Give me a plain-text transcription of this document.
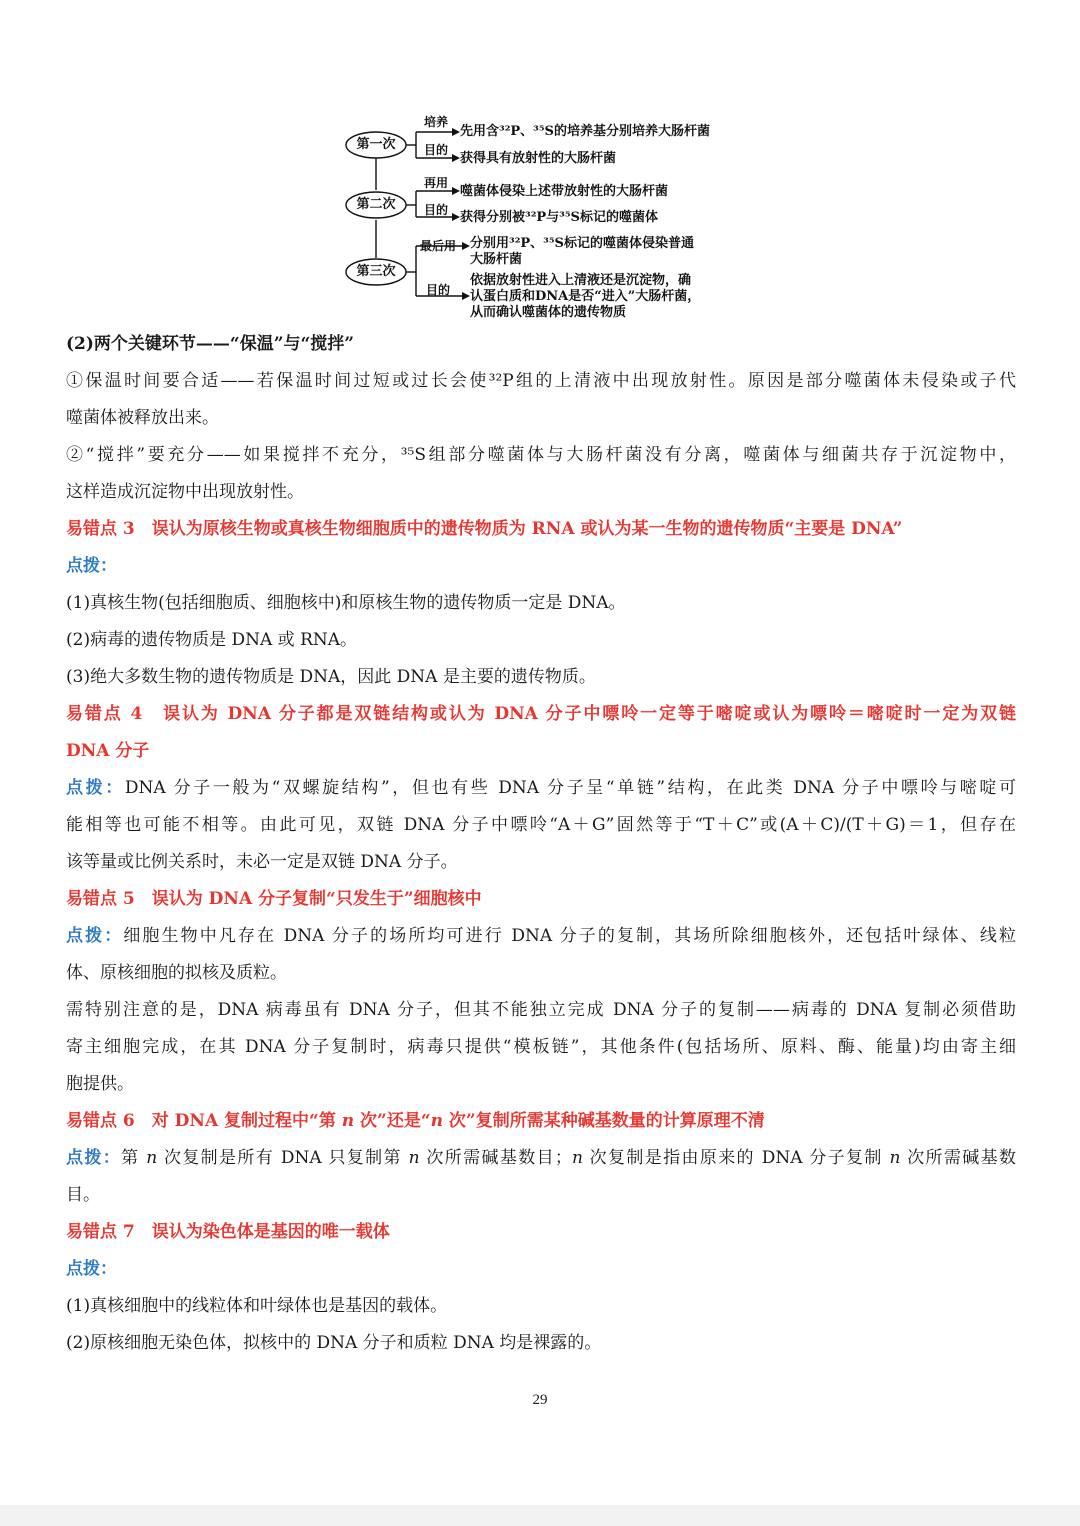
第一次
第二次
第三次
培养
先用含³²P、³⁵S的培养基分别培养大肠杆菌
目的
获得具有放射性的大肠杆菌
再用
噬菌体侵染上述带放射性的大肠杆菌
目的 获得分别被³²P与³⁵S标记的噬菌体
最后用 分别用³²P、³⁵S标记的噬菌体侵染普通
大肠杆菌
目的
依据放射性进入上清液还是沉淀物，确
认蛋白质和DNA是否“进入”大肠杆菌，
从而确认噬菌体的遗传物质
(2)两个关键环节——“保温”与“搅拌”
①保温时间要合适——若保温时间过短或过长会使³²P组的上清液中出现放射性。原因是部分噬菌体未侵染或子代
噬菌体被释放出来。
②“搅拌”要充分——如果搅拌不充分，³⁵S组部分噬菌体与大肠杆菌没有分离，噬菌体与细菌共存于沉淀物中，
这样造成沉淀物中出现放射性。
易错点 3　误认为原核生物或真核生物细胞质中的遗传物质为 RNA 或认为某一生物的遗传物质“主要是 DNA”
点拨：
(1)真核生物(包括细胞质、细胞核中)和原核生物的遗传物质一定是 DNA。
(2)病毒的遗传物质是 DNA 或 RNA。
(3)绝大多数生物的遗传物质是 DNA，因此 DNA 是主要的遗传物质。
易错点 4　误认为 DNA 分子都是双链结构或认为 DNA 分子中嘌呤一定等于嘧啶或认为嘌呤＝嘧啶时一定为双链
DNA 分子
点拨：DNA 分子一般为“双螺旋结构”，但也有些 DNA 分子呈“单链”结构，在此类 DNA 分子中嘌呤与嘧啶可
能相等也可能不相等。由此可见，双链 DNA 分子中嘌呤“A＋G”固然等于“T＋C”或(A＋C)/(T＋G)＝1，但存在
该等量或比例关系时，未必一定是双链 DNA 分子。
易错点 5　误认为 DNA 分子复制“只发生于”细胞核中
点拨：细胞生物中凡存在 DNA 分子的场所均可进行 DNA 分子的复制，其场所除细胞核外，还包括叶绿体、线粒
体、原核细胞的拟核及质粒。
需特别注意的是，DNA 病毒虽有 DNA 分子，但其不能独立完成 DNA 分子的复制——病毒的 DNA 复制必须借助
寄主细胞完成，在其 DNA 分子复制时，病毒只提供“模板链”，其他条件(包括场所、原料、酶、能量)均由寄主细
胞提供。
易错点 6　对 DNA 复制过程中“第 n 次”还是“n 次”复制所需某种碱基数量的计算原理不清
点拨：第 n 次复制是所有 DNA 只复制第 n 次所需碱基数目；n 次复制是指由原来的 DNA 分子复制 n 次所需碱基数
目。
易错点 7　误认为染色体是基因的唯一载体
点拨：
(1)真核细胞中的线粒体和叶绿体也是基因的载体。
(2)原核细胞无染色体，拟核中的 DNA 分子和质粒 DNA 均是裸露的。
29
